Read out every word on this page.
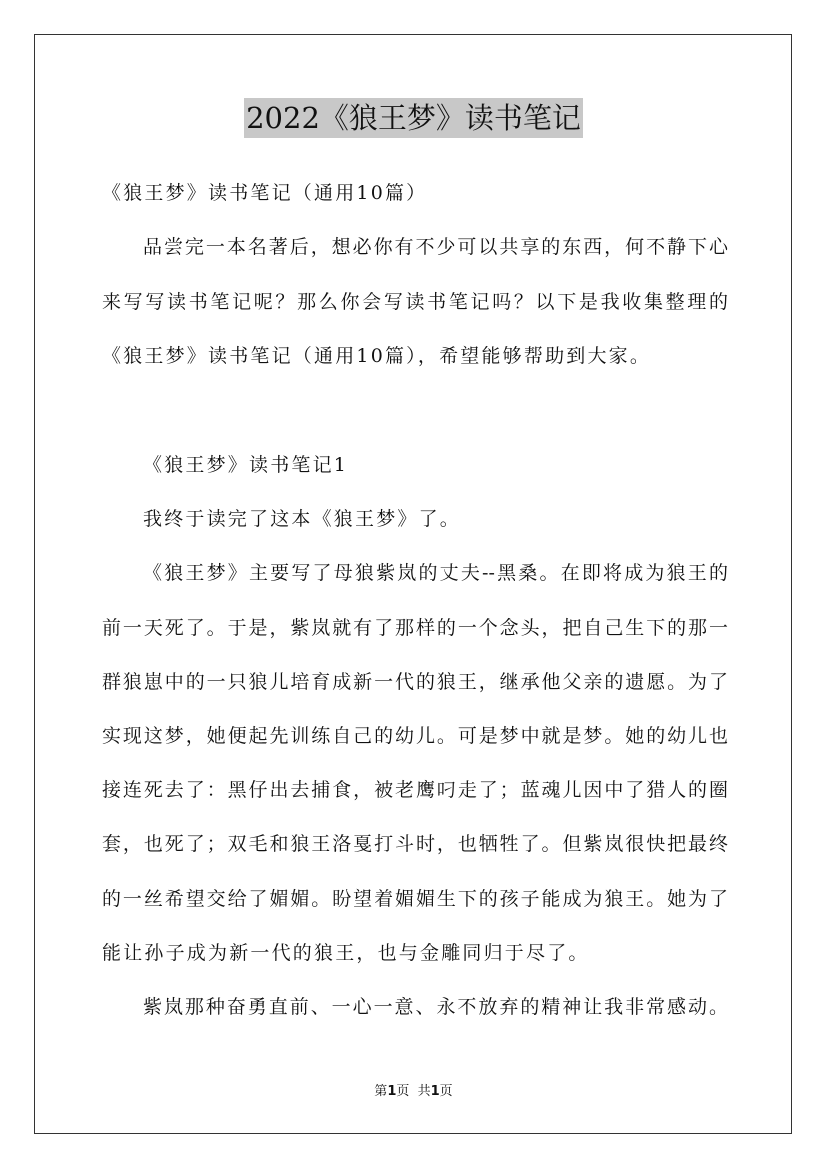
2022《狼王梦》读书笔记
《狼王梦》读书笔记（通用10篇）
品尝完一本名著后，想必你有不少可以共享的东西，何不静下心
来写写读书笔记呢？那么你会写读书笔记吗？以下是我收集整理的
《狼王梦》读书笔记（通用10篇），希望能够帮助到大家。
《狼王梦》读书笔记1
我终于读完了这本《狼王梦》了。
《狼王梦》主要写了母狼紫岚的丈夫--黑桑。在即将成为狼王的
前一天死了。于是，紫岚就有了那样的一个念头，把自己生下的那一
群狼崽中的一只狼儿培育成新一代的狼王，继承他父亲的遗愿。为了
实现这梦，她便起先训练自己的幼儿。可是梦中就是梦。她的幼儿也
接连死去了：黑仔出去捕食，被老鹰叼走了；蓝魂儿因中了猎人的圈
套，也死了；双毛和狼王洛戛打斗时，也牺牲了。但紫岚很快把最终
的一丝希望交给了媚媚。盼望着媚媚生下的孩子能成为狼王。她为了
能让孙子成为新一代的狼王，也与金雕同归于尽了。
紫岚那种奋勇直前、一心一意、永不放弃的精神让我非常感动。
第1页  共1页
